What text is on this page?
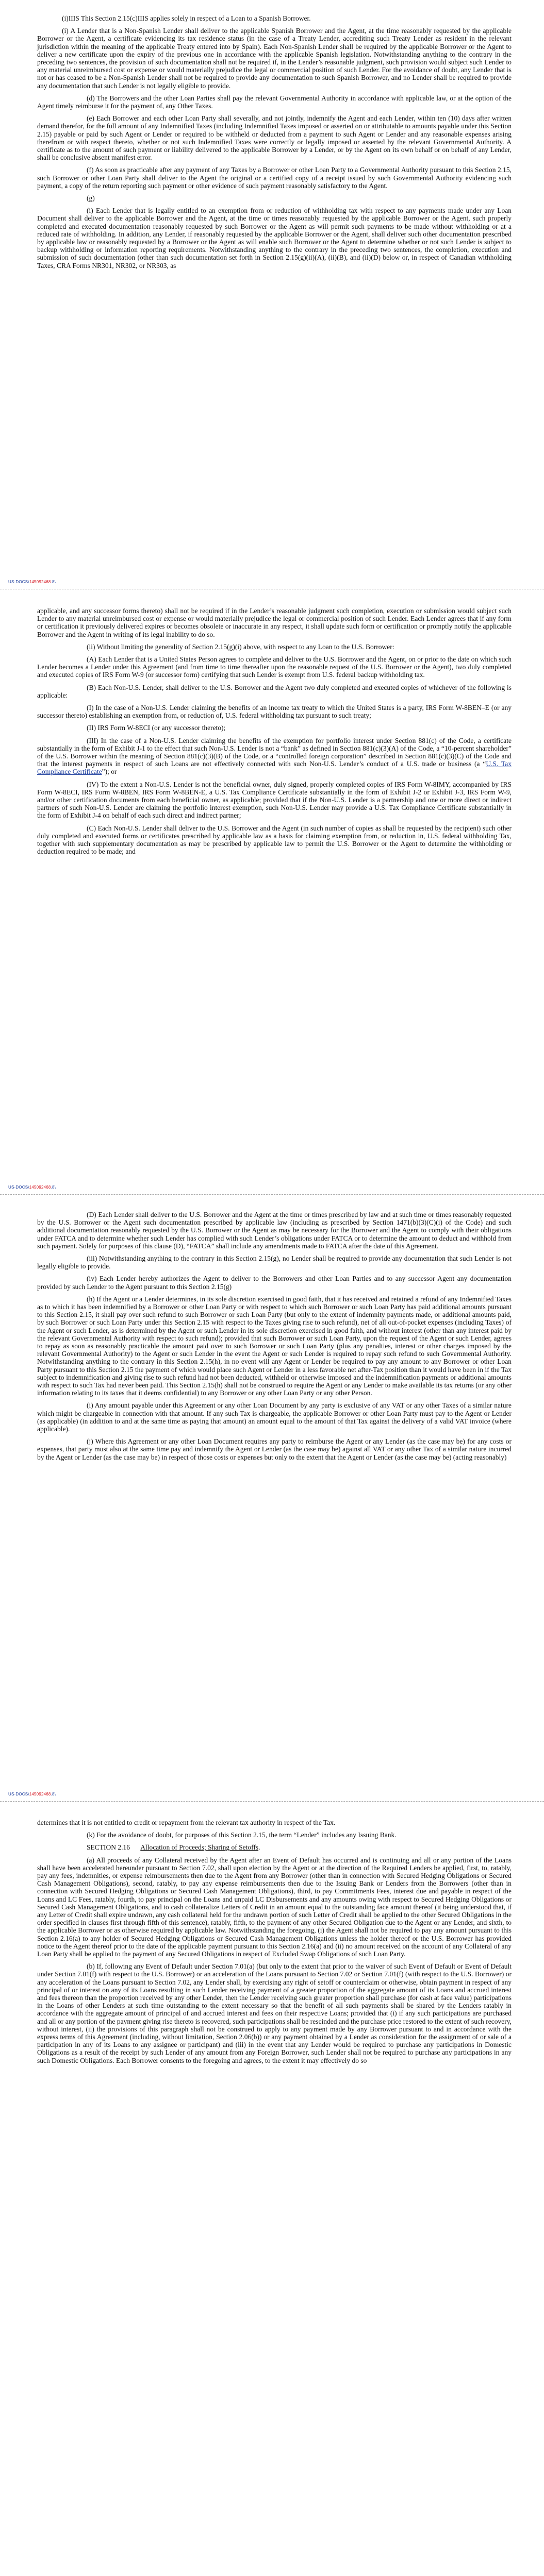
(i)IIIS This Section 2.15(c)IIIS applies solely in respect of a Loan to a Spanish Borrower.

(i) A Lender that is a Non-Spanish Lender shall deliver to the applicable Spanish Borrower and the Agent, at the time reasonably requested by the applicable Borrower or the Agent, a certificate evidencing its tax residence status (in the case of a Treaty Lender, accrediting such Treaty Lender as resident in the relevant jurisdiction within the meaning of the applicable Treaty entered into by Spain). Each Non-Spanish Lender shall be required by the applicable Borrower or the Agent to deliver a new certificate upon the expiry of the previous one in accordance with the applicable Spanish legislation. Notwithstanding anything to the contrary in the preceding two sentences, the provision of such documentation shall not be required if, in the Lender’s reasonable judgment, such provision would subject such Lender to any material unreimbursed cost or expense or would materially prejudice the legal or commercial position of such Lender. For the avoidance of doubt, any Lender that is not or has ceased to be a Non-Spanish Lender shall not be required to provide any documentation to such Spanish Borrower, and no Lender shall be required to provide any documentation that such Lender is not legally eligible to provide.

(d) The Borrowers and the other Loan Parties shall pay the relevant Governmental Authority in accordance with applicable law, or at the option of the Agent timely reimburse it for the payment of, any Other Taxes.

(e) Each Borrower and each other Loan Party shall severally, and not jointly, indemnify the Agent and each Lender, within ten (10) days after written demand therefor, for the full amount of any Indemnified Taxes (including Indemnified Taxes imposed or asserted on or attributable to amounts payable under this Section 2.15) payable or paid by such Agent or Lender or required to be withheld or deducted from a payment to such Agent or Lender and any reasonable expenses arising therefrom or with respect thereto, whether or not such Indemnified Taxes were correctly or legally imposed or asserted by the relevant Governmental Authority. A certificate as to the amount of such payment or liability delivered to the applicable Borrower by a Lender, or by the Agent on its own behalf or on behalf of any Lender, shall be conclusive absent manifest error.

(f) As soon as practicable after any payment of any Taxes by a Borrower or other Loan Party to a Governmental Authority pursuant to this Section 2.15, such Borrower or other Loan Party shall deliver to the Agent the original or a certified copy of a receipt issued by such Governmental Authority evidencing such payment, a copy of the return reporting such payment or other evidence of such payment reasonably satisfactory to the Agent.

(g)

(i) Each Lender that is legally entitled to an exemption from or reduction of withholding tax with respect to any payments made under any Loan Document shall deliver to the applicable Borrower and the Agent, at the time or times reasonably requested by the applicable Borrower or the Agent, such properly completed and executed documentation reasonably requested by such Borrower or the Agent as will permit such payments to be made without withholding or at a reduced rate of withholding. In addition, any Lender, if reasonably requested by the applicable Borrower or the Agent, shall deliver such other documentation prescribed by applicable law or reasonably requested by a Borrower or the Agent as will enable such Borrower or the Agent to determine whether or not such Lender is subject to backup withholding or information reporting requirements. Notwithstanding anything to the contrary in the preceding two sentences, the completion, execution and submission of such documentation (other than such documentation set forth in Section 2.15(g)(ii)(A), (ii)(B), and (ii)(D) below or, in respect of Canadian withholding Taxes, CRA Forms NR301, NR302, or NR303, as

US-DOCS\145092468.8\

applicable, and any successor forms thereto) shall not be required if in the Lender’s reasonable judgment such completion, execution or submission would subject such Lender to any material unreimbursed cost or expense or would materially prejudice the legal or commercial position of such Lender. Each Lender agrees that if any form or certification it previously delivered expires or becomes obsolete or inaccurate in any respect, it shall update such form or certification or promptly notify the applicable Borrower and the Agent in writing of its legal inability to do so.

(ii) Without limiting the generality of Section 2.15(g)(i) above, with respect to any Loan to the U.S. Borrower:

(A) Each Lender that is a United States Person agrees to complete and deliver to the U.S. Borrower and the Agent, on or prior to the date on which such Lender becomes a Lender under this Agreement (and from time to time thereafter upon the reasonable request of the U.S. Borrower or the Agent), two duly completed and executed copies of IRS Form W-9 (or successor form) certifying that such Lender is exempt from U.S. federal backup withholding tax.

(B) Each Non-U.S. Lender, shall deliver to the U.S. Borrower and the Agent two duly completed and executed copies of whichever of the following is applicable:

(I) In the case of a Non-U.S. Lender claiming the benefits of an income tax treaty to which the United States is a party, IRS Form W-8BEN–E (or any successor thereto) establishing an exemption from, or reduction of, U.S. federal withholding tax pursuant to such treaty;

(II) IRS Form W-8ECI (or any successor thereto);

(III) In the case of a Non-U.S. Lender claiming the benefits of the exemption for portfolio interest under Section 881(c) of the Code, a certificate substantially in the form of Exhibit J-1 to the effect that such Non-U.S. Lender is not a “bank” as defined in Section 881(c)(3)(A) of the Code, a “10-percent shareholder” of the U.S. Borrower within the meaning of Section 881(c)(3)(B) of the Code, or a “controlled foreign corporation” described in Section 881(c)(3)(C) of the Code and that the interest payments in respect of such Loans are not effectively connected with such Non-U.S. Lender’s conduct of a U.S. trade or business (a “U.S. Tax Compliance Certificate”); or

(IV) To the extent a Non-U.S. Lender is not the beneficial owner, duly signed, properly completed copies of IRS Form W-8IMY, accompanied by IRS Form W-8ECI, IRS Form W-8BEN, IRS Form W-8BEN-E, a U.S. Tax Compliance Certificate substantially in the form of Exhibit J-2 or Exhibit J-3, IRS Form W-9, and/or other certification documents from each beneficial owner, as applicable; provided that if the Non-U.S. Lender is a partnership and one or more direct or indirect partners of such Non-U.S. Lender are claiming the portfolio interest exemption, such Non-U.S. Lender may provide a U.S. Tax Compliance Certificate substantially in the form of Exhibit J-4 on behalf of each such direct and indirect partner;

(C) Each Non-U.S. Lender shall deliver to the U.S. Borrower and the Agent (in such number of copies as shall be requested by the recipient) such other duly completed and executed forms or certificates prescribed by applicable law as a basis for claiming exemption from, or reduction in, U.S. federal withholding Tax, together with such supplementary documentation as may be prescribed by applicable law to permit the U.S. Borrower or the Agent to determine the withholding or deduction required to be made; and

US-DOCS\145092468.8\

(D) Each Lender shall deliver to the U.S. Borrower and the Agent at the time or times prescribed by law and at such time or times reasonably requested by the U.S. Borrower or the Agent such documentation prescribed by applicable law (including as prescribed by Section 1471(b)(3)(C)(i) of the Code) and such additional documentation reasonably requested by the U.S. Borrower or the Agent as may be necessary for the Borrower and the Agent to comply with their obligations under FATCA and to determine whether such Lender has complied with such Lender’s obligations under FATCA or to determine the amount to deduct and withhold from such payment. Solely for purposes of this clause (D), “FATCA” shall include any amendments made to FATCA after the date of this Agreement.

(iii) Notwithstanding anything to the contrary in this Section 2.15(g), no Lender shall be required to provide any documentation that such Lender is not legally eligible to provide.

(iv) Each Lender hereby authorizes the Agent to deliver to the Borrowers and other Loan Parties and to any successor Agent any documentation provided by such Lender to the Agent pursuant to this Section 2.15(g)

(h) If the Agent or a Lender determines, in its sole discretion exercised in good faith, that it has received and retained a refund of any Indemnified Taxes as to which it has been indemnified by a Borrower or other Loan Party or with respect to which such Borrower or such Loan Party has paid additional amounts pursuant to this Section 2.15, it shall pay over such refund to such Borrower or such Loan Party (but only to the extent of indemnity payments made, or additional amounts paid, by such Borrower or such Loan Party under this Section 2.15 with respect to the Taxes giving rise to such refund), net of all out-of-pocket expenses (including Taxes) of the Agent or such Lender, as is determined by the Agent or such Lender in its sole discretion exercised in good faith, and without interest (other than any interest paid by the relevant Governmental Authority with respect to such refund); provided that such Borrower or such Loan Party, upon the request of the Agent or such Lender, agrees to repay as soon as reasonably practicable the amount paid over to such Borrower or such Loan Party (plus any penalties, interest or other charges imposed by the relevant Governmental Authority) to the Agent or such Lender in the event the Agent or such Lender is required to repay such refund to such Governmental Authority. Notwithstanding anything to the contrary in this Section 2.15(h), in no event will any Agent or Lender be required to pay any amount to any Borrower or other Loan Party pursuant to this Section 2.15 the payment of which would place such Agent or Lender in a less favorable net after-Tax position than it would have been in if the Tax subject to indemnification and giving rise to such refund had not been deducted, withheld or otherwise imposed and the indemnification payments or additional amounts with respect to such Tax had never been paid. This Section 2.15(h) shall not be construed to require the Agent or any Lender to make available its tax returns (or any other information relating to its taxes that it deems confidential) to any Borrower or any other Loan Party or any other Person.

(i) Any amount payable under this Agreement or any other Loan Document by any party is exclusive of any VAT or any other Taxes of a similar nature which might be chargeable in connection with that amount. If any such Tax is chargeable, the applicable Borrower or other Loan Party must pay to the Agent or Lender (as applicable) (in addition to and at the same time as paying that amount) an amount equal to the amount of that Tax against the delivery of a valid VAT invoice (where applicable).

(j) Where this Agreement or any other Loan Document requires any party to reimburse the Agent or any Lender (as the case may be) for any costs or expenses, that party must also at the same time pay and indemnify the Agent or Lender (as the case may be) against all VAT or any other Tax of a similar nature incurred by the Agent or Lender (as the case may be) in respect of those costs or expenses but only to the extent that the Agent or Lender (as the case may be) (acting reasonably)

US-DOCS\145092468.8\

determines that it is not entitled to credit or repayment from the relevant tax authority in respect of the Tax.

(k) For the avoidance of doubt, for purposes of this Section 2.15, the term “Lender” includes any Issuing Bank.

SECTION 2.16 Allocation of Proceeds; Sharing of Setoffs.

(a) All proceeds of any Collateral received by the Agent after an Event of Default has occurred and is continuing and all or any portion of the Loans shall have been accelerated hereunder pursuant to Section 7.02, shall upon election by the Agent or at the direction of the Required Lenders be applied, first, to, ratably, pay any fees, indemnities, or expense reimbursements then due to the Agent from any Borrower (other than in connection with Secured Hedging Obligations or Secured Cash Management Obligations), second, ratably, to pay any expense reimbursements then due to the Issuing Bank or Lenders from the Borrowers (other than in connection with Secured Hedging Obligations or Secured Cash Management Obligations), third, to pay Commitments Fees, interest due and payable in respect of the Loans and LC Fees, ratably, fourth, to pay principal on the Loans and unpaid LC Disbursements and any amounts owing with respect to Secured Hedging Obligations or Secured Cash Management Obligations, and to cash collateralize Letters of Credit in an amount equal to the outstanding face amount thereof (it being understood that, if any Letter of Credit shall expire undrawn, any cash collateral held for the undrawn portion of such Letter of Credit shall be applied to the other Secured Obligations in the order specified in clauses first through fifth of this sentence), ratably, fifth, to the payment of any other Secured Obligation due to the Agent or any Lender, and sixth, to the applicable Borrower or as otherwise required by applicable law. Notwithstanding the foregoing, (i) the Agent shall not be required to pay any amount pursuant to this Section 2.16(a) to any holder of Secured Hedging Obligations or Secured Cash Management Obligations unless the holder thereof or the U.S. Borrower has provided notice to the Agent thereof prior to the date of the applicable payment pursuant to this Section 2.16(a) and (ii) no amount received on the account of any Collateral of any Loan Party shall be applied to the payment of any Secured Obligations in respect of Excluded Swap Obligations of such Loan Party.

(b) If, following any Event of Default under Section 7.01(a) (but only to the extent that prior to the waiver of such Event of Default or Event of Default under Section 7.01(f) with respect to the U.S. Borrower) or an acceleration of the Loans pursuant to Section 7.02 or Section 7.01(f) (with respect to the U.S. Borrower) or any acceleration of the Loans pursuant to Section 7.02, any Lender shall, by exercising any right of setoff or counterclaim or otherwise, obtain payment in respect of any principal of or interest on any of its Loans resulting in such Lender receiving payment of a greater proportion of the aggregate amount of its Loans and accrued interest and fees thereon than the proportion received by any other Lender, then the Lender receiving such greater proportion shall purchase (for cash at face value) participations in the Loans of other Lenders at such time outstanding to the extent necessary so that the benefit of all such payments shall be shared by the Lenders ratably in accordance with the aggregate amount of principal of and accrued interest and fees on their respective Loans; provided that (i) if any such participations are purchased and all or any portion of the payment giving rise thereto is recovered, such participations shall be rescinded and the purchase price restored to the extent of such recovery, without interest, (ii) the provisions of this paragraph shall not be construed to apply to any payment made by any Borrower pursuant to and in accordance with the express terms of this Agreement (including, without limitation, Section 2.06(b)) or any payment obtained by a Lender as consideration for the assignment of or sale of a participation in any of its Loans to any assignee or participant) and (iii) in the event that any Lender would be required to purchase any participations in Domestic Obligations as a result of the receipt by such Lender of any amount from any Foreign Borrower, such Lender shall not be required to purchase any participations in any such Domestic Obligations. Each Borrower consents to the foregoing and agrees, to the extent it may effectively do so
